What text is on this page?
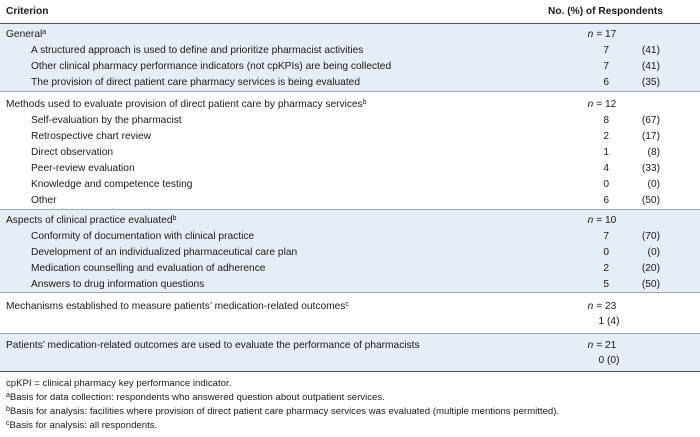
Criterion	No. (%) of Respondents
General$^a$	n = 17
A structured approach is used to define and prioritize pharmacist activities	7	(41)
Other clinical pharmacy performance indicators (not cpKPIs) are being collected	7	(41)
The provision of direct patient care pharmacy services is being evaluated	6	(35)
Methods used to evaluate provision of direct patient care by pharmacy services$^b$	n = 12
Self-evaluation by the pharmacist	8	(67)
Retrospective chart review	2	(17)
Direct observation	1	(8)
Peer-review evaluation	4	(33)
Knowledge and competence testing	0	(0)
Other	6	(50)
Aspects of clinical practice evaluated$^b$	n = 10
Conformity of documentation with clinical practice	7	(70)
Development of an individualized pharmaceutical care plan	0	(0)
Medication counselling and evaluation of adherence	2	(20)
Answers to drug information questions	5	(50)
Mechanisms established to measure patients’ medication-related outcomes$^c$	n = 23
1 (4)
Patients’ medication-related outcomes are used to evaluate the performance of pharmacists	n = 21
0 (0)
cpKPI = clinical pharmacy key performance indicator.
$^a$Basis for data collection: respondents who answered question about outpatient services.
$^b$Basis for analysis: facilities where provision of direct patient care pharmacy services was evaluated (multiple mentions permitted).
$^c$Basis for analysis: all respondents.
